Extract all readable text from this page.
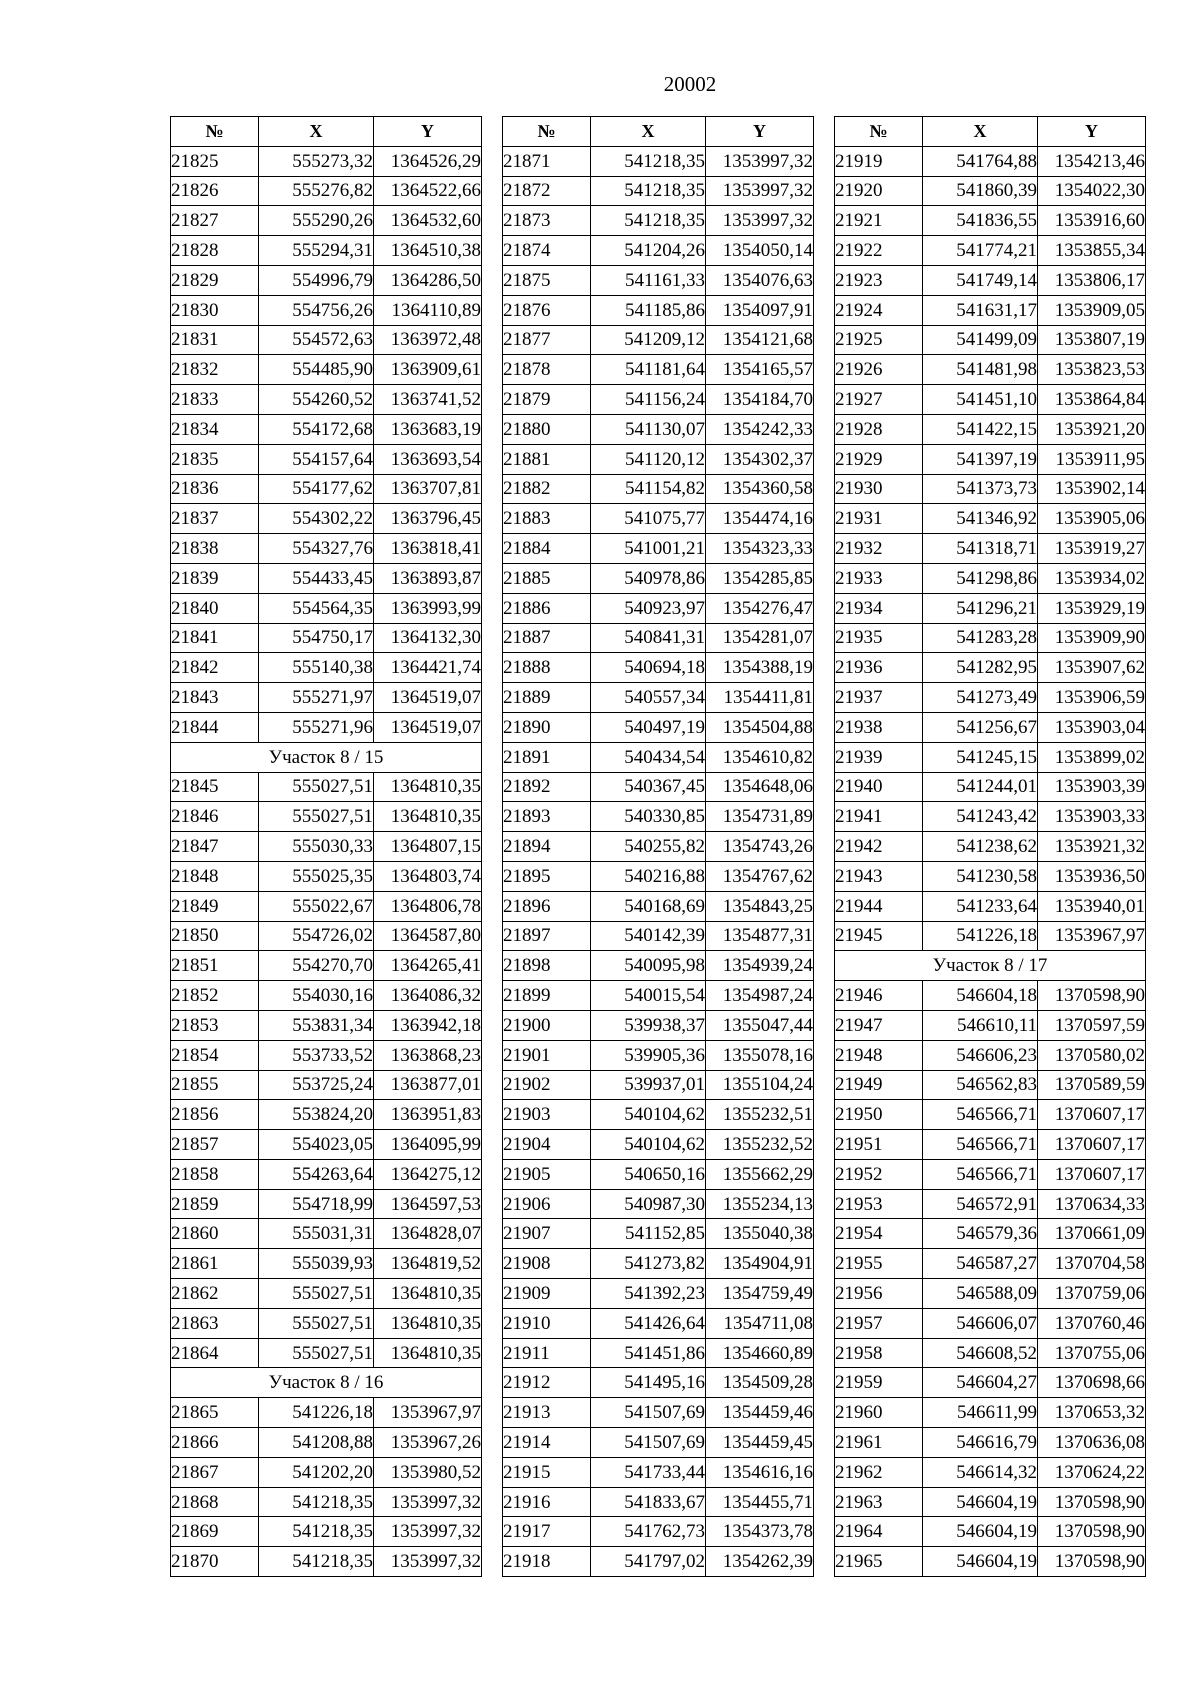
20002
№	X	Y
21825	555273,32	1364526,29
21826	555276,82	1364522,66
21827	555290,26	1364532,60
21828	555294,31	1364510,38
21829	554996,79	1364286,50
21830	554756,26	1364110,89
21831	554572,63	1363972,48
21832	554485,90	1363909,61
21833	554260,52	1363741,52
21834	554172,68	1363683,19
21835	554157,64	1363693,54
21836	554177,62	1363707,81
21837	554302,22	1363796,45
21838	554327,76	1363818,41
21839	554433,45	1363893,87
21840	554564,35	1363993,99
21841	554750,17	1364132,30
21842	555140,38	1364421,74
21843	555271,97	1364519,07
21844	555271,96	1364519,07
Участок 8 / 15		
21845	555027,51	1364810,35
21846	555027,51	1364810,35
21847	555030,33	1364807,15
21848	555025,35	1364803,74
21849	555022,67	1364806,78
21850	554726,02	1364587,80
21851	554270,70	1364265,41
21852	554030,16	1364086,32
21853	553831,34	1363942,18
21854	553733,52	1363868,23
21855	553725,24	1363877,01
21856	553824,20	1363951,83
21857	554023,05	1364095,99
21858	554263,64	1364275,12
21859	554718,99	1364597,53
21860	555031,31	1364828,07
21861	555039,93	1364819,52
21862	555027,51	1364810,35
21863	555027,51	1364810,35
21864	555027,51	1364810,35
Участок 8 / 16		
21865	541226,18	1353967,97
21866	541208,88	1353967,26
21867	541202,20	1353980,52
21868	541218,35	1353997,32
21869	541218,35	1353997,32
21870	541218,35	1353997,32
№	X	Y
21871	541218,35	1353997,32
21872	541218,35	1353997,32
21873	541218,35	1353997,32
21874	541204,26	1354050,14
21875	541161,33	1354076,63
21876	541185,86	1354097,91
21877	541209,12	1354121,68
21878	541181,64	1354165,57
21879	541156,24	1354184,70
21880	541130,07	1354242,33
21881	541120,12	1354302,37
21882	541154,82	1354360,58
21883	541075,77	1354474,16
21884	541001,21	1354323,33
21885	540978,86	1354285,85
21886	540923,97	1354276,47
21887	540841,31	1354281,07
21888	540694,18	1354388,19
21889	540557,34	1354411,81
21890	540497,19	1354504,88
21891	540434,54	1354610,82
21892	540367,45	1354648,06
21893	540330,85	1354731,89
21894	540255,82	1354743,26
21895	540216,88	1354767,62
21896	540168,69	1354843,25
21897	540142,39	1354877,31
21898	540095,98	1354939,24
21899	540015,54	1354987,24
21900	539938,37	1355047,44
21901	539905,36	1355078,16
21902	539937,01	1355104,24
21903	540104,62	1355232,51
21904	540104,62	1355232,52
21905	540650,16	1355662,29
21906	540987,30	1355234,13
21907	541152,85	1355040,38
21908	541273,82	1354904,91
21909	541392,23	1354759,49
21910	541426,64	1354711,08
21911	541451,86	1354660,89
21912	541495,16	1354509,28
21913	541507,69	1354459,46
21914	541507,69	1354459,45
21915	541733,44	1354616,16
21916	541833,67	1354455,71
21917	541762,73	1354373,78
21918	541797,02	1354262,39
№	X	Y
21919	541764,88	1354213,46
21920	541860,39	1354022,30
21921	541836,55	1353916,60
21922	541774,21	1353855,34
21923	541749,14	1353806,17
21924	541631,17	1353909,05
21925	541499,09	1353807,19
21926	541481,98	1353823,53
21927	541451,10	1353864,84
21928	541422,15	1353921,20
21929	541397,19	1353911,95
21930	541373,73	1353902,14
21931	541346,92	1353905,06
21932	541318,71	1353919,27
21933	541298,86	1353934,02
21934	541296,21	1353929,19
21935	541283,28	1353909,90
21936	541282,95	1353907,62
21937	541273,49	1353906,59
21938	541256,67	1353903,04
21939	541245,15	1353899,02
21940	541244,01	1353903,39
21941	541243,42	1353903,33
21942	541238,62	1353921,32
21943	541230,58	1353936,50
21944	541233,64	1353940,01
21945	541226,18	1353967,97
Участок 8 / 17		
21946	546604,18	1370598,90
21947	546610,11	1370597,59
21948	546606,23	1370580,02
21949	546562,83	1370589,59
21950	546566,71	1370607,17
21951	546566,71	1370607,17
21952	546566,71	1370607,17
21953	546572,91	1370634,33
21954	546579,36	1370661,09
21955	546587,27	1370704,58
21956	546588,09	1370759,06
21957	546606,07	1370760,46
21958	546608,52	1370755,06
21959	546604,27	1370698,66
21960	546611,99	1370653,32
21961	546616,79	1370636,08
21962	546614,32	1370624,22
21963	546604,19	1370598,90
21964	546604,19	1370598,90
21965	546604,19	1370598,90
